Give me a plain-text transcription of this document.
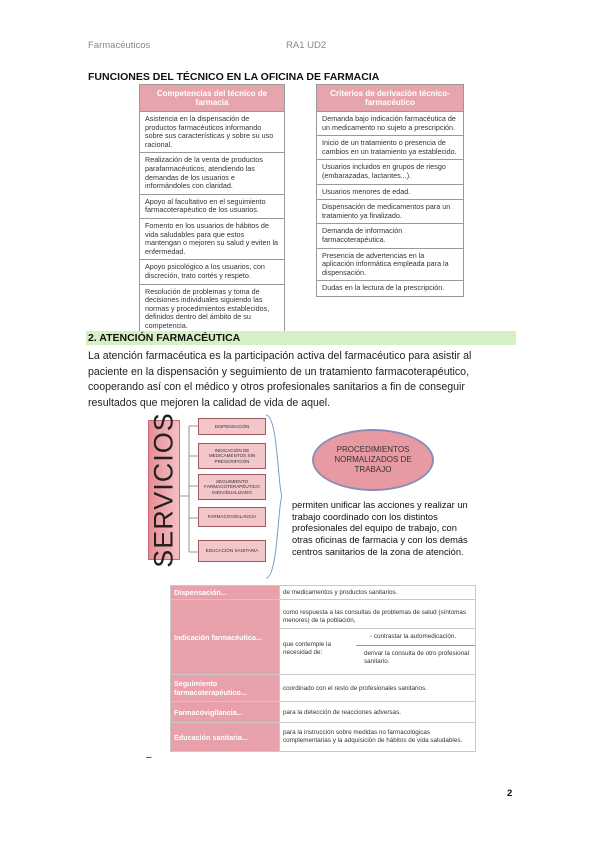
Farmacéuticos	RA1 UD2
FUNCIONES DEL TÉCNICO EN LA OFICINA DE FARMACIA
Competencias del técnico de farmacia
Asistencia en la dispensación de productos farmacéuticos informando sobre sus características y sobre su uso racional.
Realización de la venta de productos parafarmacéuticos, atendiendo las demandas de los usuarios e informándoles con claridad.
Apoyo al facultativo en el seguimiento farmacoterapéutico de los usuarios.
Fomento en los usuarios de hábitos de vida saludables para que estos mantengan o mejoren su salud y eviten la enfermedad.
Apoyo psicológico a los usuarios, con discreción, trato cortés y respeto.
Resolución de problemas y toma de decisiones individuales siguiendo las normas y procedimientos establecidos, definidos dentro del ámbito de su competencia.
Criterios de derivación técnico-farmacéutico
Demanda bajo indicación farmacéutica de un medicamento no sujeto a prescripción.
Inicio de un tratamiento o presencia de cambios en un tratamiento ya establecido.
Usuarios incluidos en grupos de riesgo (embarazadas, lactantes...).
Usuarios menores de edad.
Dispensación de medicamentos para un tratamiento ya finalizado.
Demanda de información farmacoterapéutica.
Presencia de advertencias en la aplicación informática empleada para la dispensación.
Dudas en la lectura de la prescripción.
2. ATENCIÓN FARMACÉUTICA
La atención farmacéutica es la participación activa del farmacéutico para asistir al paciente en la dispensación y seguimiento de un tratamiento farmacoterapéutico, cooperando así con el médico y otros profesionales sanitarios a fin de conseguir resultados que mejoren la calidad de vida de aquel.
SERVICIOS	DISPENSACIÓN
INDICACIÓN DE MEDICAMENTOS SIN PRESCRIPCIÓN
SEGUIMIENTO FARMACOTERAPÉUTICO INDIVIDUALIZADO
FARMACOVIGILANCIA
EDUCACIÓN SANITARIA
PROCEDIMIENTOS NORMALIZADOS DE TRABAJO
permiten unificar las acciones y realizar un trabajo coordinado con los distintos profesionales del equipo de trabajo, con otras oficinas de farmacia y con los demás centros sanitarios de la zona de atención.
Dispensación...	de medicamentos y productos sanitarios.
Indicación farmacéutica...	como respuesta a las consultas de problemas de salud (síntomas menores) de la población,
que contemple la necesidad de:
- contrastar la automedicación.
derivar la consulta de otro profesional sanitario.

Seguimiento farmacoterapéutico...	coordinado con el resto de profesionales sanitarios.
Farmacovigilancia...	para la detección de reacciones adversas.
Educación sanitaria...	para la instrucción sobre medidas no farmacológicas complementarias y la adquisición de hábitos de vida saludables.
–
2
